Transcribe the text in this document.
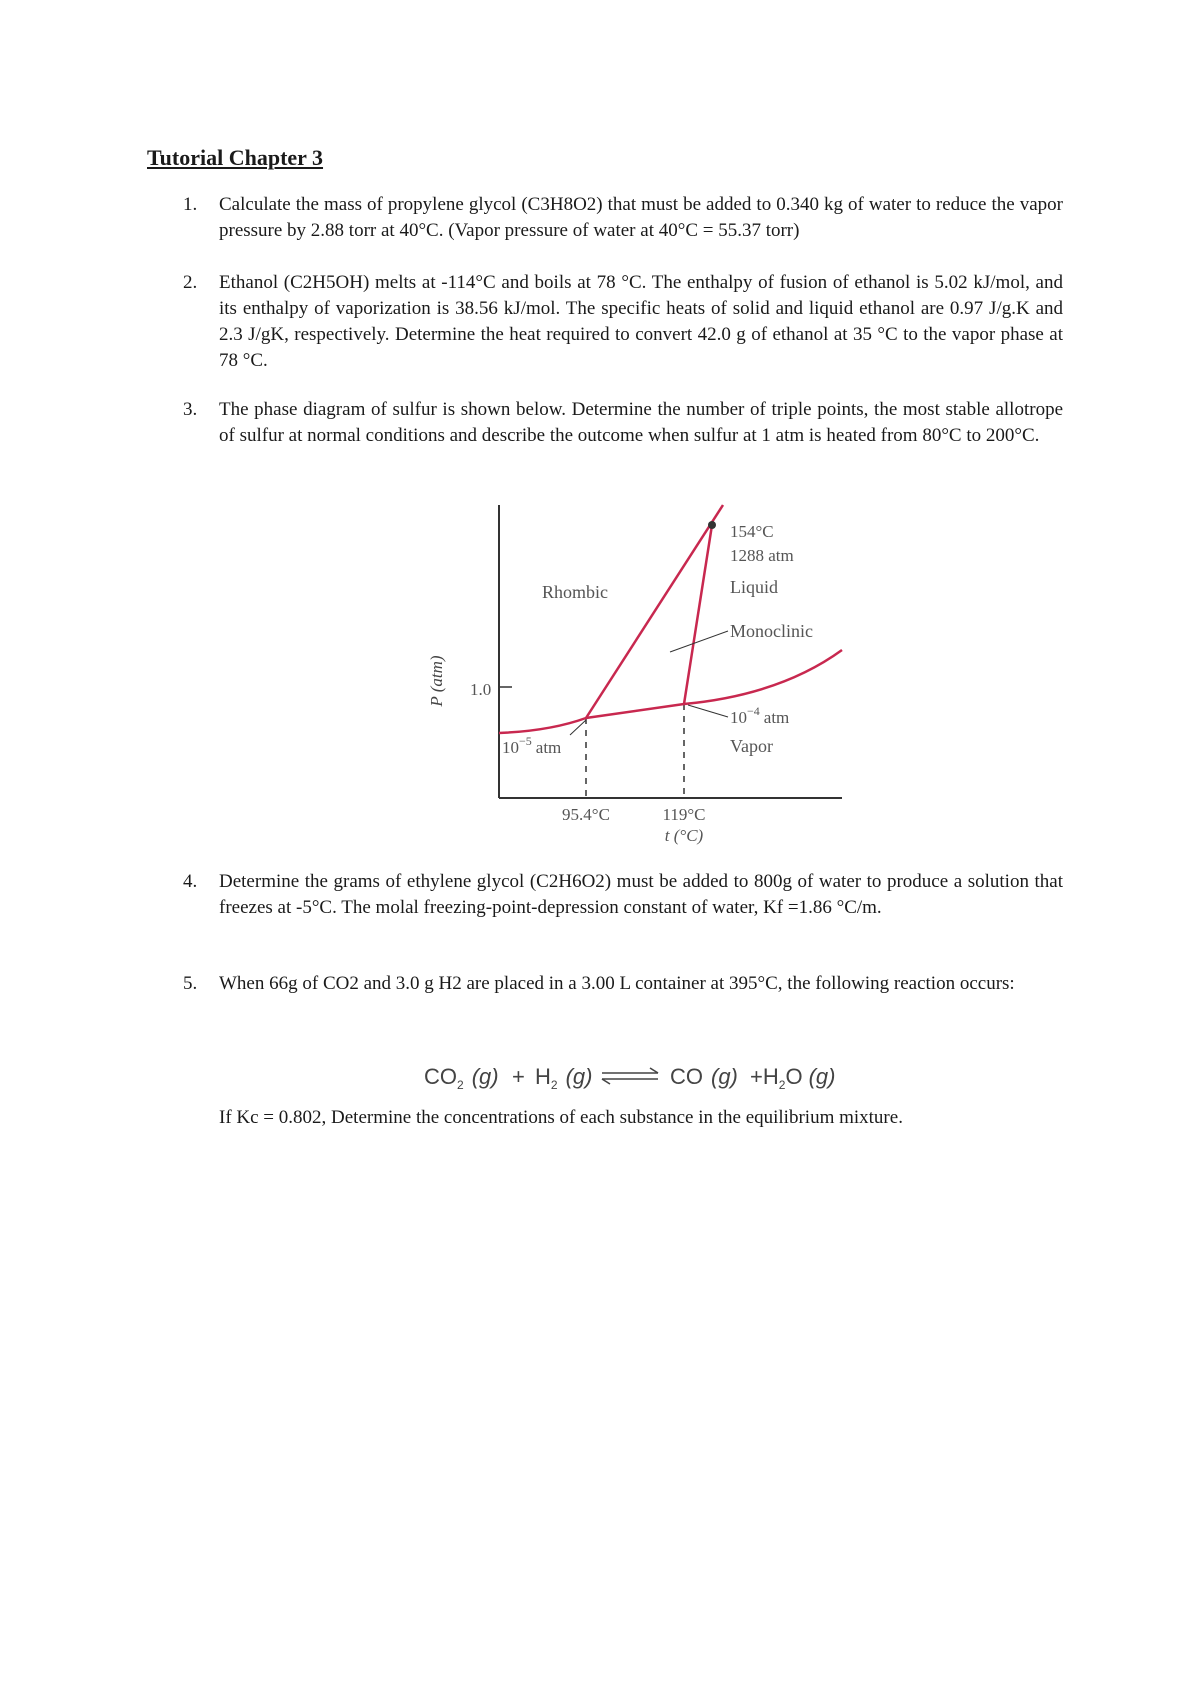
Tutorial Chapter 3
1.	Calculate the mass of propylene glycol (C3H8O2) that must be added to 0.340 kg of water to reduce the vapor pressure by 2.88 torr at 40°C. (Vapor pressure of water at 40°C = 55.37 torr)

2.	Ethanol (C2H5OH) melts at -114°C and boils at 78 °C. The enthalpy of fusion of ethanol is 5.02 kJ/mol, and its enthalpy of vaporization is 38.56 kJ/mol. The specific heats of solid and liquid ethanol are 0.97 J/g.K and 2.3 J/gK, respectively. Determine the heat required to convert 42.0 g of ethanol at 35 °C to the vapor phase at 78 °C.

3.	The phase diagram of sulfur is shown below. Determine the number of triple points, the most stable allotrope of sulfur at normal conditions and describe the outcome when sulfur at 1 atm is heated from 80°C to 200°C.

1.0
P (atm)
Rhombic	Liquid
Monoclinic
Vapor
154°C
1288 atm
$10^{-5}$ atm
$10^{-4}$ atm
95.4°C	119°C
t (°C)
4.	Determine the grams of ethylene glycol (C2H6O2) must be added to 800g of water to produce a solution that freezes at -5°C. The molal freezing-point-depression constant of water, Kf =1.86 °C/m.

5.	When 66g of CO2 and 3.0 g H2 are placed in a 3.00 L container at 395°C, the following reaction occurs:

$CO_2$ $(g) + H_2$ (g)	CO $(g) +H_2O$ (g)
If Kc = 0.802, Determine the concentrations of each substance in the equilibrium mixture.
